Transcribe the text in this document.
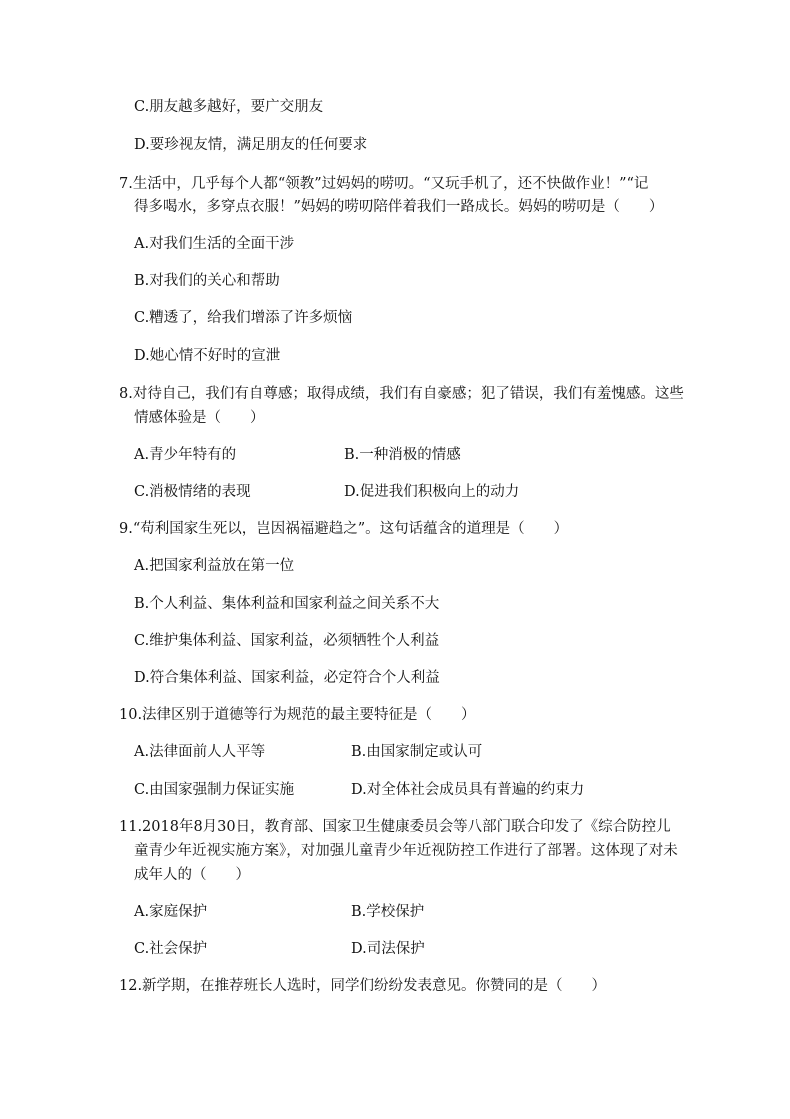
C.朋友越多越好，要广交朋友
D.要珍视友情，满足朋友的任何要求
7.生活中，几乎每个人都“领教”过妈妈的唠叨。“又玩手机了，还不快做作业！”“记
得多喝水，多穿点衣服！”妈妈的唠叨陪伴着我们一路成长。妈妈的唠叨是（　　）
A.对我们生活的全面干涉
B.对我们的关心和帮助
C.糟透了，给我们增添了许多烦恼
D.她心情不好时的宣泄
8.对待自己，我们有自尊感；取得成绩，我们有自豪感；犯了错误，我们有羞愧感。这些
情感体验是（　　）
A.青少年特有的	B.一种消极的情感
C.消极情绪的表现	D.促进我们积极向上的动力
9.“苟利国家生死以，岂因祸福避趋之”。这句话蕴含的道理是（　　）
A.把国家利益放在第一位
B.个人利益、集体利益和国家利益之间关系不大
C.维护集体利益、国家利益，必须牺牲个人利益
D.符合集体利益、国家利益，必定符合个人利益
10.法律区别于道德等行为规范的最主要特征是（　　）
A.法律面前人人平等	B.由国家制定或认可
C.由国家强制力保证实施	D.对全体社会成员具有普遍的约束力
11.2018年8月30日，教育部、国家卫生健康委员会等八部门联合印发了《综合防控儿
童青少年近视实施方案》，对加强儿童青少年近视防控工作进行了部署。这体现了对未
成年人的（　　）
A.家庭保护	B.学校保护
C.社会保护	D.司法保护
12.新学期，在推荐班长人选时，同学们纷纷发表意见。你赞同的是（　　）
